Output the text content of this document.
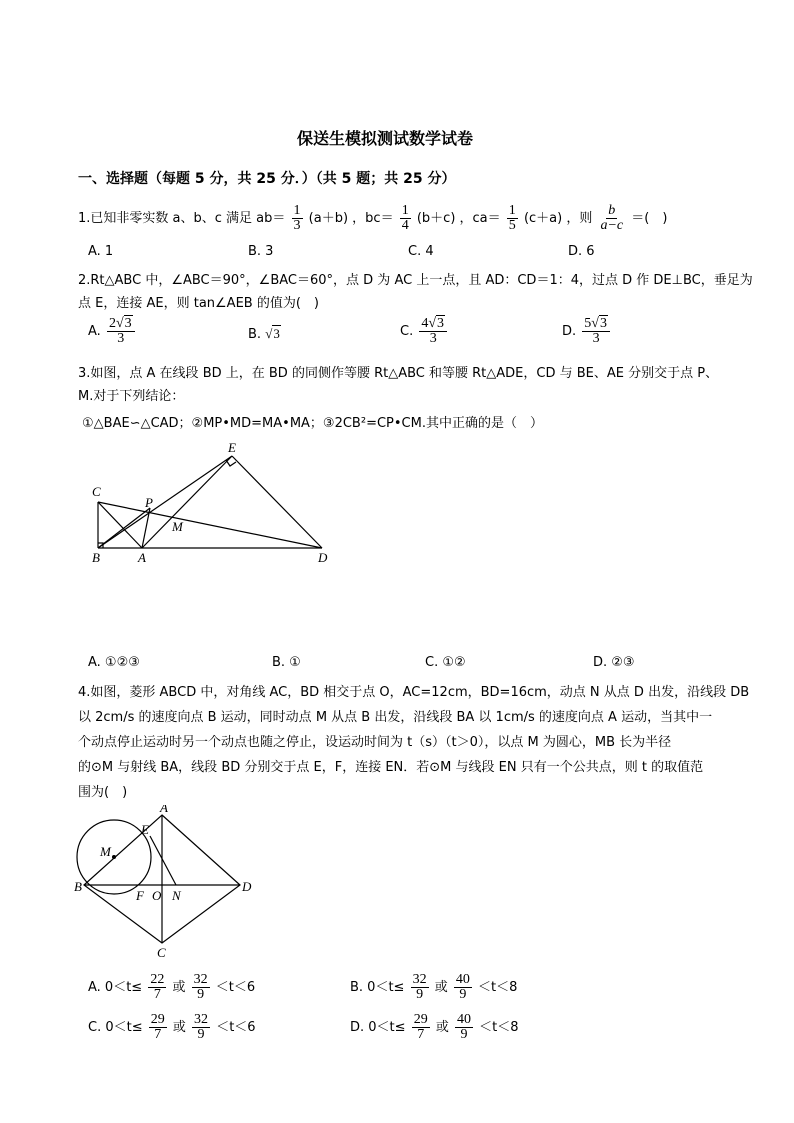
保送生模拟测试数学试卷
一、选择题（每题 5 分，共 25 分．）（共 5 题；共 25 分）
1.已知非零实数 a、b、c 满足 $ab= \frac{1}{3} (a+b)$ ，$bc= \frac{1}{4} (b+c)$ ，$ca= \frac{1}{5} (c+a)$ ，则 $\frac{b}{a-c}$ ＝(　)
A. 1	B. 3	C. 4	D. 6
2.Rt△ABC 中，∠ABC＝90°，∠BAC＝60°，点 D 为 AC 上一点，且 AD：CD＝1：4，过点 D 作 DE⊥BC，垂足为
点 E，连接 AE，则 tan∠AEB 的值为(　)
A. $\frac{2√3}{3}$	B. √3	C. $\frac{4√3}{3}$	D. $\frac{5√3}{3}$
3.如图，点 A 在线段 BD 上，在 BD 的同侧作等腰 Rt△ABC 和等腰 Rt△ADE，CD 与 BE、AE 分别交于点 P、
M.对于下列结论：
①△BAE∽△CAD；②MP•MD=MA•MA；③2CB²=CP•CM.其中正确的是（　）
C
P
E
M
B	A	D
A. ①②③	B. ①	C. ①②	D. ②③
4.如图，菱形 ABCD 中，对角线 AC，BD 相交于点 O，AC=12cm，BD=16cm，动点 N 从点 D 出发，沿线段 DB
以 2cm/s 的速度向点 B 运动，同时动点 M 从点 B 出发，沿线段 BA 以 1cm/s 的速度向点 A 运动，当其中一
个动点停止运动时另一个动点也随之停止，设运动时间为 t（s）（t＞0），以点 M 为圆心，MB 长为半径
的⊙M 与射线 BA，线段 BD 分别交于点 E，F，连接 EN．若⊙M 与线段 EN 只有一个公共点，则 t 的取值范
围为(　)
A
E
M
B
F O N
D
C
A. $0<t\le \frac{22}{7}$ 或 $\frac{32}{9} <t<6$	B. $0<t\le \frac{32}{9}$ 或 $\frac{40}{9} <t<8$
C. $0<t\le \frac{29}{7}$ 或 $\frac{32}{9} <t<6$	D. $0<t\le \frac{29}{7}$ 或 $\frac{40}{9} <t<8$
